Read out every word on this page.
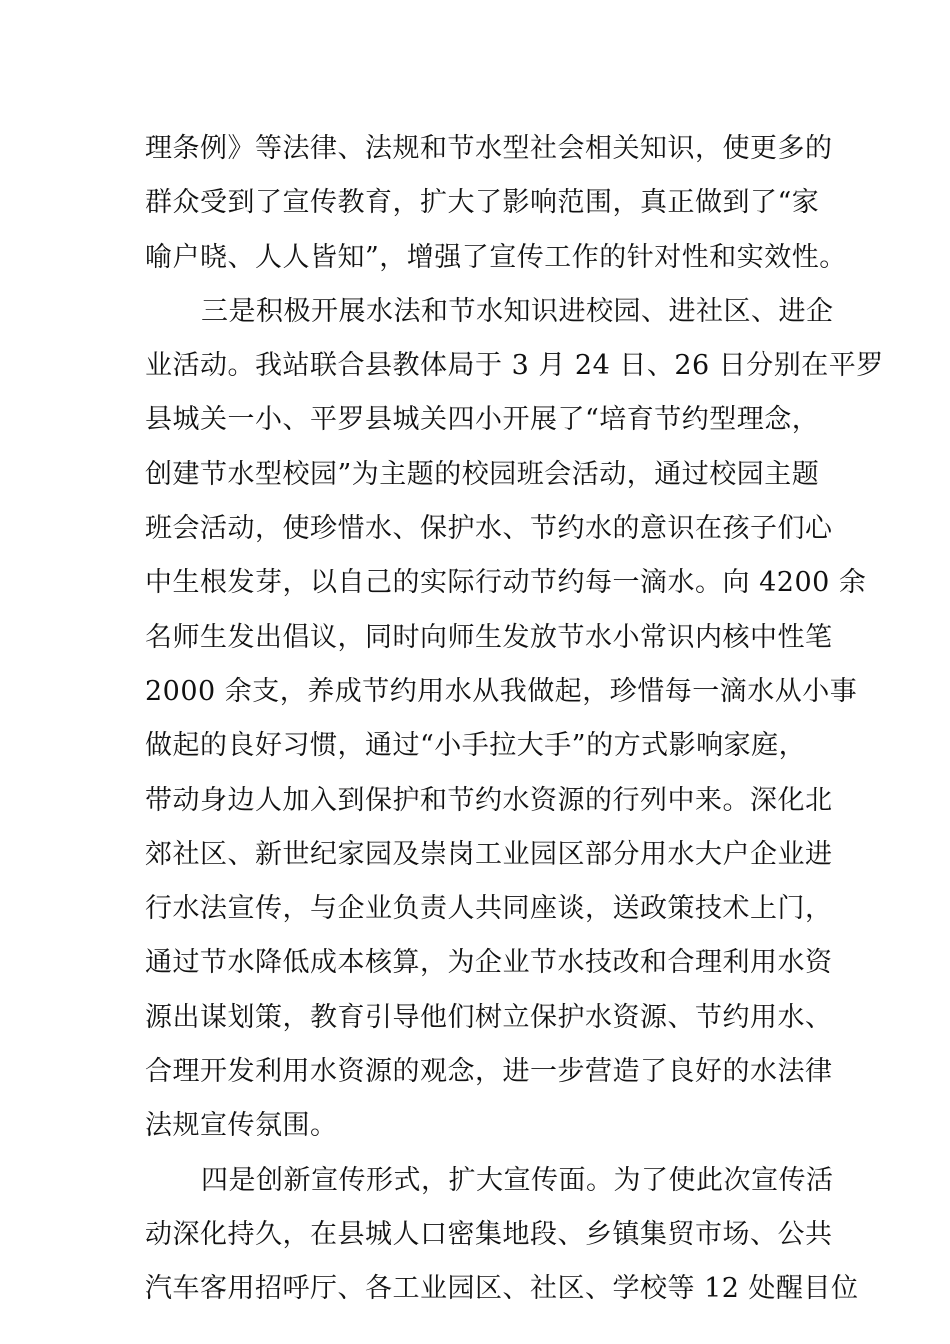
理条例》等法律、法规和节水型社会相关知识，使更多的
群众受到了宣传教育，扩大了影响范围，真正做到了“家
喻户晓、人人皆知”，增强了宣传工作的针对性和实效性。
三是积极开展水法和节水知识进校园、进社区、进企
业活动。我站联合县教体局于 3 月 24 日、26 日分别在平罗
县城关一小、平罗县城关四小开展了“培育节约型理念，
创建节水型校园”为主题的校园班会活动，通过校园主题
班会活动，使珍惜水、保护水、节约水的意识在孩子们心
中生根发芽，以自己的实际行动节约每一滴水。向 4200 余
名师生发出倡议，同时向师生发放节水小常识内核中性笔
2000 余支，养成节约用水从我做起，珍惜每一滴水从小事
做起的良好习惯，通过“小手拉大手”的方式影响家庭，
带动身边人加入到保护和节约水资源的行列中来。深化北
郊社区、新世纪家园及崇岗工业园区部分用水大户企业进
行水法宣传，与企业负责人共同座谈，送政策技术上门，
通过节水降低成本核算，为企业节水技改和合理利用水资
源出谋划策，教育引导他们树立保护水资源、节约用水、
合理开发利用水资源的观念，进一步营造了良好的水法律
法规宣传氛围。
四是创新宣传形式，扩大宣传面。为了使此次宣传活
动深化持久，在县城人口密集地段、乡镇集贸市场、公共
汽车客用招呼厅、各工业园区、社区、学校等 12 处醒目位
